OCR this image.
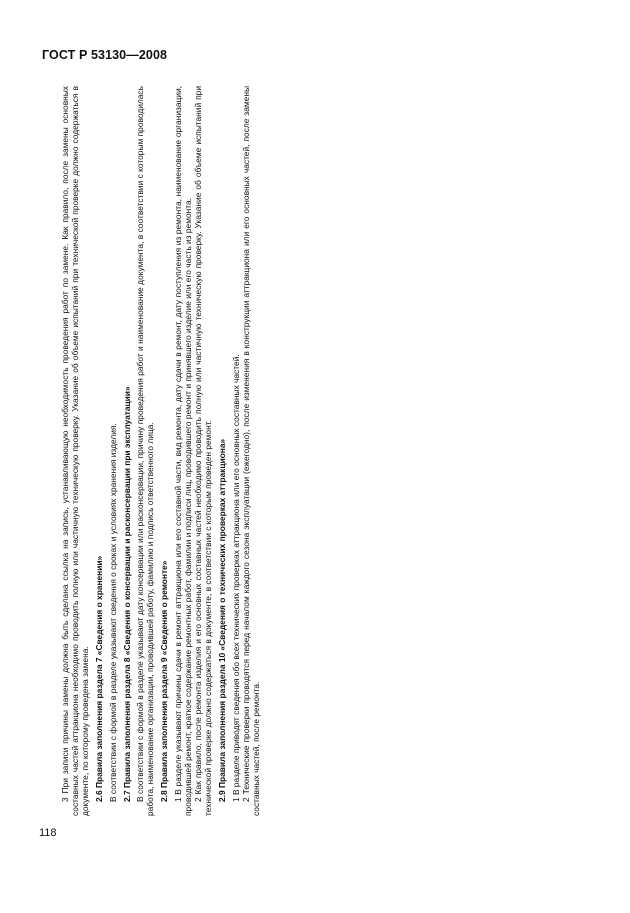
ГОСТ Р 53130—2008

3 При записи причины замены должна быть сделана ссылка на запись, устанавливающую необходимость проведения работ по замене. Как правило, после замены основных составных частей аттракциона необходимо проводить полную или частичную техническую проверку. Указание об объеме испытаний при технической проверке должно содержаться в документе, по которому проведена замена. 2.6 Правила заполнения раздела 7 «Сведения о хранении» В соответствии с формой в разделе указывают сведения о сроках и условиях хранения изделия. 2.7 Правила заполнения раздела 8 «Сведения о консервации и расконсервации при эксплуатации» В соответствии с формой в разделе указывают дату консервации или расконсервации, причину проведения работ и наименование документа, в соответствии с которым проводилась работа, наименование организации, проводившей работу, фамилию и подпись ответственного лица. 2.8 Правила заполнения раздела 9 «Сведения о ремонте» 1 В разделе указывают причины сдачи в ремонт аттракциона или его составной части, вид ремонта, дату сдачи в ремонт, дату поступления из ремонта, наименование организации, проводившей ремонт, краткое содержание ремонтных работ, фамилии и подписи лиц, проводившего ремонт и принявшего изделие или его часть из ремонта. 2 Как правило, после ремонта изделия и его основных составных частей необходимо проводить полную или частичную техническую проверку. Указание об объеме испытаний при технической проверке должно содержаться в документе, в соответствии с которым проведен ремонт. 2.9 Правила заполнения раздела 10 «Сведения о технических проверках аттракциона» 1 В разделе приводят сведения обо всех технических проверках аттракциона или его основных составных частей. 2 Технические проверки проводятся перед началом каждого сезона эксплуатации (ежегодно), после изменения в конструкции аттракциона или его основных частей, после замены составных частей, после ремонта.

118
